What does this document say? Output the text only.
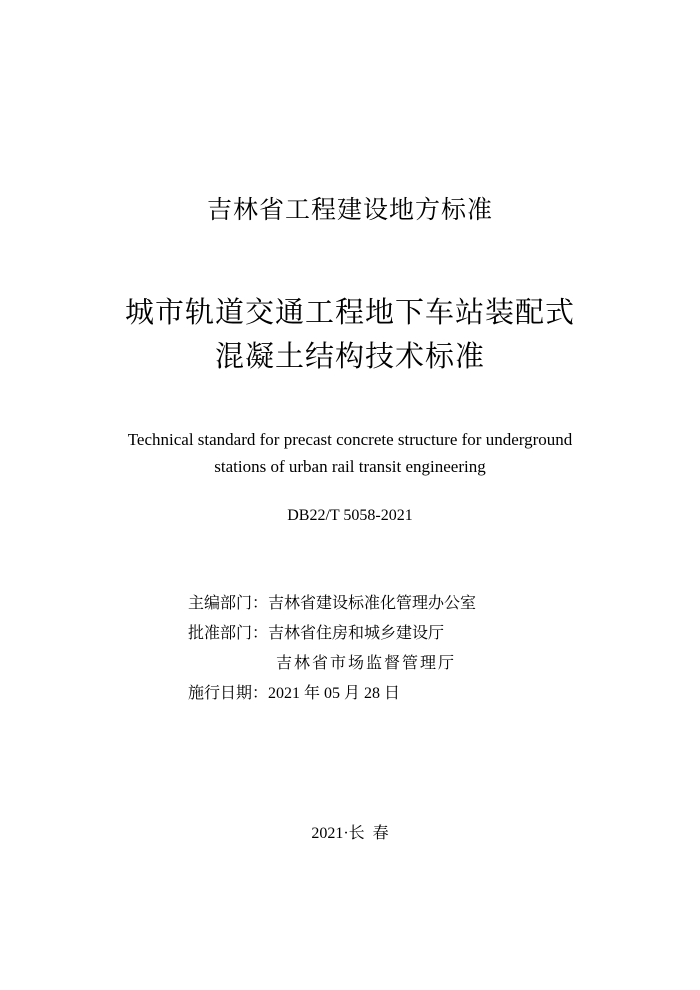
吉林省工程建设地方标准
城市轨道交通工程地下车站装配式
混凝土结构技术标准
Technical standard for precast concrete structure for underground
stations of urban rail transit engineering
DB22/T 5058-2021
主编部门：吉林省建设标准化管理办公室
批准部门：吉林省住房和城乡建设厅
吉林省市场监督管理厅
施行日期：2021 年 05 月 28 日
2021·长  春
